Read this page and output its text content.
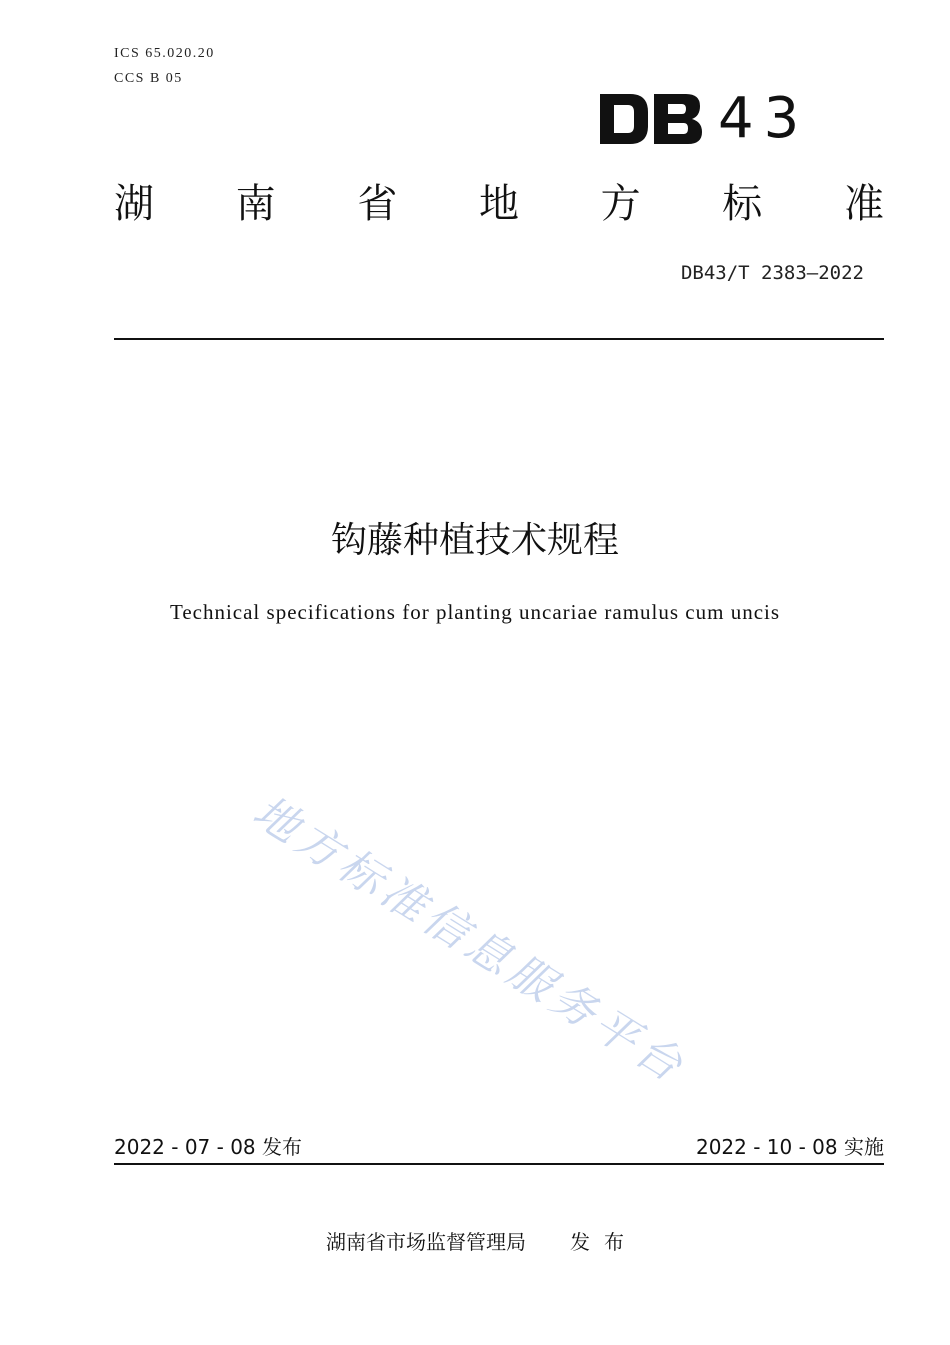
ICS 65.020.20
CCS B 05
43
湖 南 省 地 方 标 准
DB43/T 2383—2022
钩藤种植技术规程
Technical specifications for planting uncariae ramulus cum uncis
地方标准信息服务平台
2022 - 07 - 08 发布	2022 - 10 - 08 实施
湖南省市场监督管理局 发 布
